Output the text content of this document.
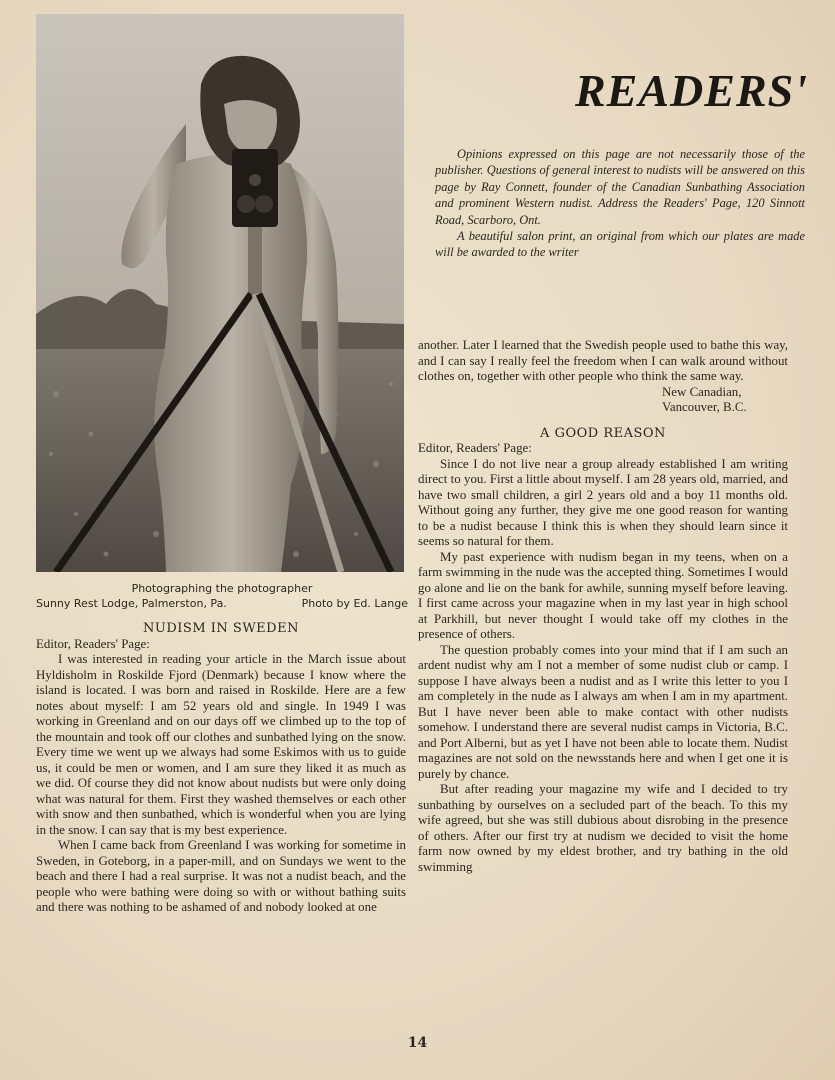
Photographing the photographer
Sunny Rest Lodge, Palmerston, Pa.	Photo by Ed. Lange
READERS'

Opinions expressed on this page are not necessarily those of the publisher. Questions of general interest to nudists will be answered on this page by Ray Connett, founder of the Canadian Sunbathing Association and prominent Western nudist. Address the Readers' Page, 120 Sinnott Road, Scarboro, Ont.

A beautiful salon print, an original from which our plates are made will be awarded to the writer

NUDISM IN SWEDEN

Editor, Readers' Page:

I was interested in reading your article in the March issue about Hyldisholm in Roskilde Fjord (Denmark) because I know where the island is located. I was born and raised in Roskilde. Here are a few notes about myself: I am 52 years old and single. In 1949 I was working in Greenland and on our days off we climbed up to the top of the mountain and took off our clothes and sunbathed lying on the snow. Every time we went up we always had some Eskimos with us to guide us, it could be men or women, and I am sure they liked it as much as we did. Of course they did not know about nudists but were only doing what was natural for them. First they washed themselves or each other with snow and then sunbathed, which is wonderful when you are lying in the snow. I can say that is my best experience.

When I came back from Greenland I was working for sometime in Sweden, in Goteborg, in a paper-mill, and on Sundays we went to the beach and there I had a real surprise. It was not a nudist beach, and the people who were bathing were doing so with or without bathing suits and there was nothing to be ashamed of and nobody looked at one

another. Later I learned that the Swedish people used to bathe this way, and I can say I really feel the freedom when I can walk around without clothes on, together with other people who think the same way.

New Canadian,
Vancouver, B.C.
A GOOD REASON

Editor, Readers' Page:

Since I do not live near a group already established I am writing direct to you. First a little about myself. I am 28 years old, married, and have two small children, a girl 2 years old and a boy 11 months old. Without going any further, they give me one good reason for wanting to be a nudist because I think this is when they should learn since it seems so natural for them.

My past experience with nudism began in my teens, when on a farm swimming in the nude was the accepted thing. Sometimes I would go alone and lie on the bank for awhile, sunning myself before leaving. I first came across your magazine when in my last year in high school at Parkhill, but never thought I would take off my clothes in the presence of others.

The question probably comes into your mind that if I am such an ardent nudist why am I not a member of some nudist club or camp. I suppose I have always been a nudist and as I write this letter to you I am completely in the nude as I always am when I am in my apartment. But I have never been able to make contact with other nudists somehow. I understand there are several nudist camps in Victoria, B.C. and Port Alberni, but as yet I have not been able to locate them. Nudist magazines are not sold on the newsstands here and when I get one it is purely by chance.

But after reading your magazine my wife and I decided to try sunbathing by ourselves on a secluded part of the beach. To this my wife agreed, but she was still dubious about disrobing in the presence of others. After our first try at nudism we decided to visit the home farm now owned by my eldest brother, and try bathing in the old swimming

14
